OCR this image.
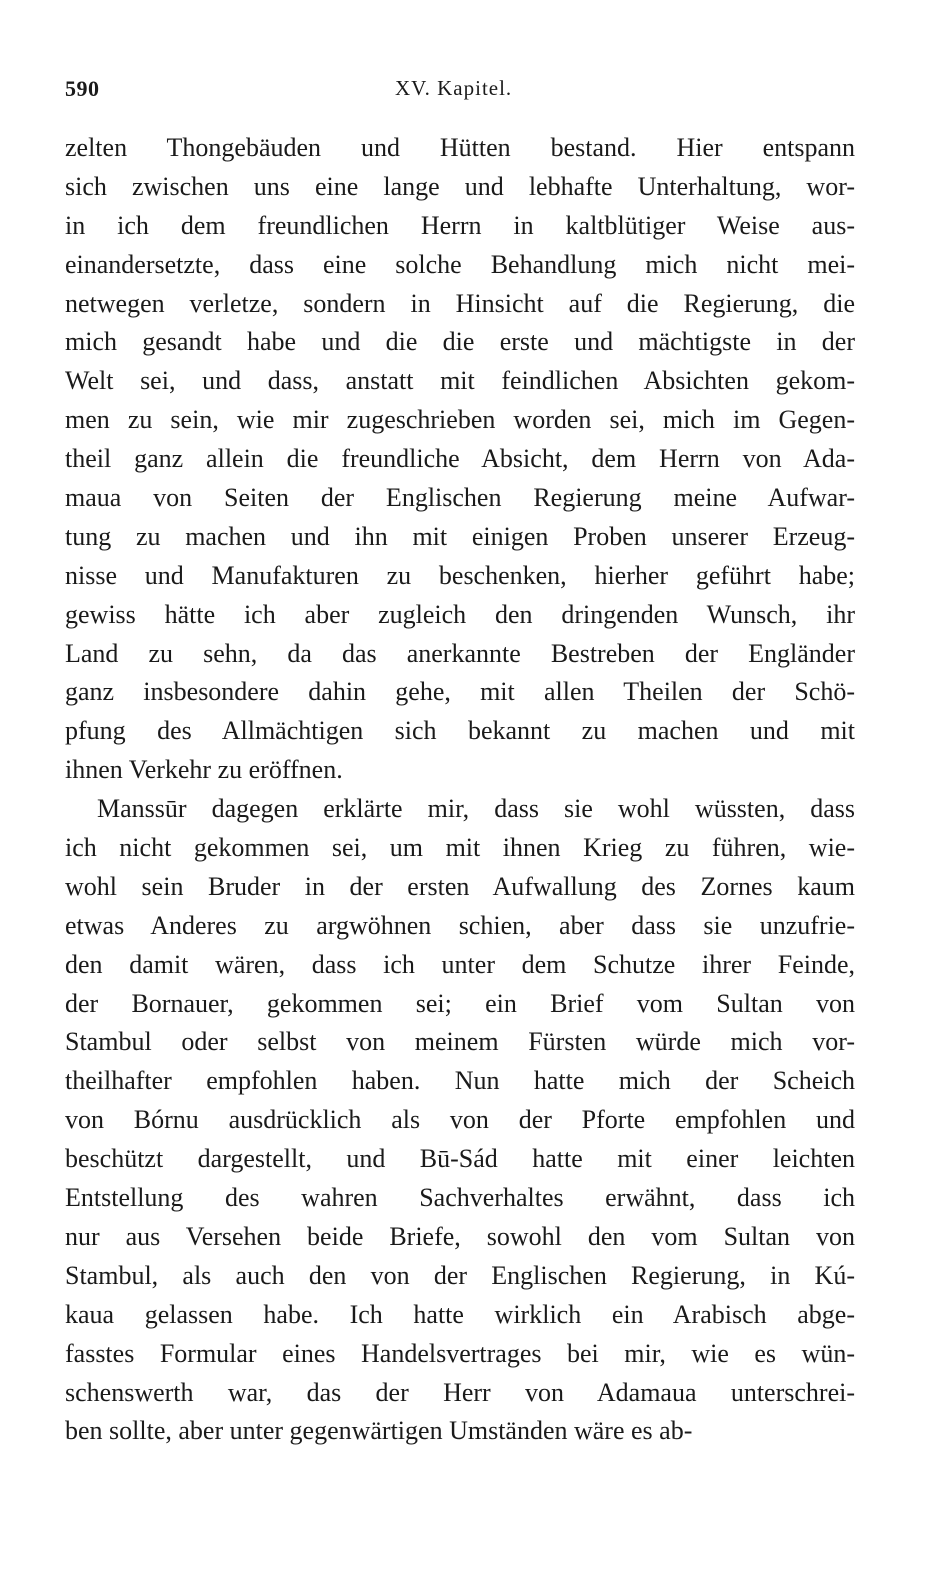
590	XV. Kapitel.
zelten Thongebäuden und Hütten bestand. Hier entspann
sich zwischen uns eine lange und lebhafte Unterhaltung, wor-
in ich dem freundlichen Herrn in kaltblütiger Weise aus-
einandersetzte, dass eine solche Behandlung mich nicht mei-
netwegen verletze, sondern in Hinsicht auf die Regierung, die
mich gesandt habe und die die erste und mächtigste in der
Welt sei, und dass, anstatt mit feindlichen Absichten gekom-
men zu sein, wie mir zugeschrieben worden sei, mich im Gegen-
theil ganz allein die freundliche Absicht, dem Herrn von Ada-
maua von Seiten der Englischen Regierung meine Aufwar-
tung zu machen und ihn mit einigen Proben unserer Erzeug-
nisse und Manufakturen zu beschenken, hierher geführt habe;
gewiss hätte ich aber zugleich den dringenden Wunsch, ihr
Land zu sehn, da das anerkannte Bestreben der Engländer
ganz insbesondere dahin gehe, mit allen Theilen der Schö-
pfung des Allmächtigen sich bekannt zu machen und mit
ihnen Verkehr zu eröffnen.
Manssūr dagegen erklärte mir, dass sie wohl wüssten, dass
ich nicht gekommen sei, um mit ihnen Krieg zu führen, wie-
wohl sein Bruder in der ersten Aufwallung des Zornes kaum
etwas Anderes zu argwöhnen schien, aber dass sie unzufrie-
den damit wären, dass ich unter dem Schutze ihrer Feinde,
der Bornauer, gekommen sei; ein Brief vom Sultan von
Stambul oder selbst von meinem Fürsten würde mich vor-
theilhafter empfohlen haben. Nun hatte mich der Scheich
von Bórnu ausdrücklich als von der Pforte empfohlen und
beschützt dargestellt, und Bū-Sád hatte mit einer leichten
Entstellung des wahren Sachverhaltes erwähnt, dass ich
nur aus Versehen beide Briefe, sowohl den vom Sultan von
Stambul, als auch den von der Englischen Regierung, in Kú-
kaua gelassen habe. Ich hatte wirklich ein Arabisch abge-
fasstes Formular eines Handelsvertrages bei mir, wie es wün-
schenswerth war, das der Herr von Adamaua unterschrei-
ben sollte, aber unter gegenwärtigen Umständen wäre es ab-
